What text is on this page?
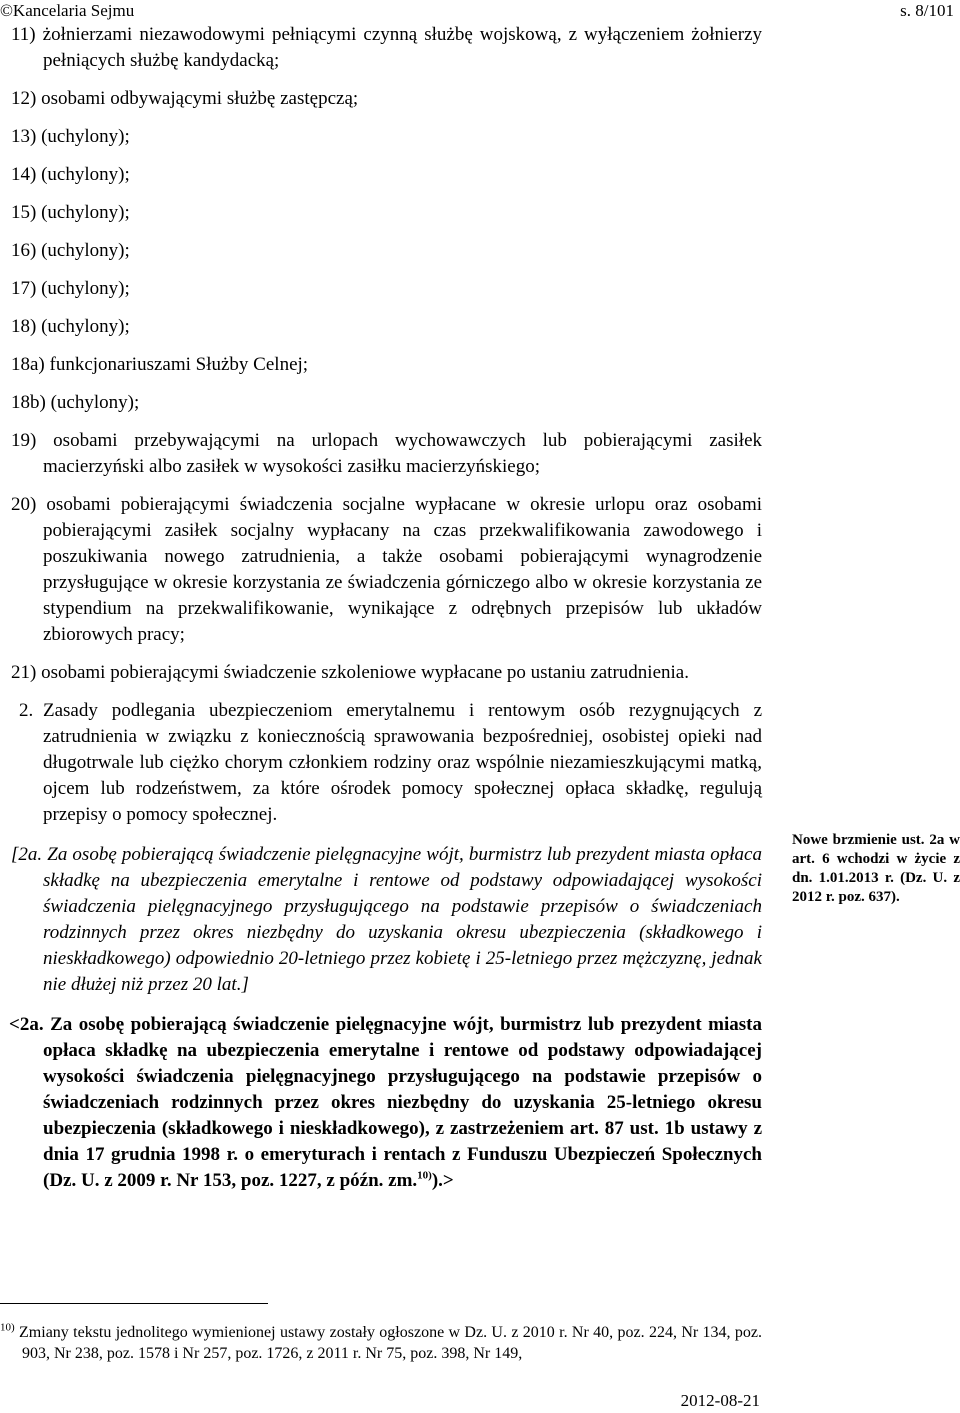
©Kancelaria Sejmu	s. 8/101

11) żołnierzami niezawodowymi pełniącymi czynną służbę wojskową, z wyłączeniem żołnierzy pełniących służbę kandydacką;

12) osobami odbywającymi służbę zastępczą;

13) (uchylony);

14) (uchylony);

15) (uchylony);

16) (uchylony);

17) (uchylony);

18) (uchylony);

18a) funkcjonariuszami Służby Celnej;

18b) (uchylony);

19) osobami przebywającymi na urlopach wychowawczych lub pobierającymi zasiłek macierzyński albo zasiłek w wysokości zasiłku macierzyńskiego;

20) osobami pobierającymi świadczenia socjalne wypłacane w okresie urlopu oraz osobami pobierającymi zasiłek socjalny wypłacany na czas przekwalifikowania zawodowego i poszukiwania nowego zatrudnienia, a także osobami pobierającymi wynagrodzenie przysługujące w okresie korzystania ze świadczenia górniczego albo w okresie korzystania ze stypendium na przekwalifikowanie, wynikające z odrębnych przepisów lub układów zbiorowych pracy;

21) osobami pobierającymi świadczenie szkoleniowe wypłacane po ustaniu zatrudnienia.

2. Zasady podlegania ubezpieczeniom emerytalnemu i rentowym osób rezygnujących z zatrudnienia w związku z koniecznością sprawowania bezpośredniej, osobistej opieki nad długotrwale lub ciężko chorym członkiem rodziny oraz wspólnie niezamieszkującymi matką, ojcem lub rodzeństwem, za które ośrodek pomocy społecznej opłaca składkę, regulują przepisy o pomocy społecznej.

[2a. Za osobę pobierającą świadczenie pielęgnacyjne wójt, burmistrz lub prezydent miasta opłaca składkę na ubezpieczenia emerytalne i rentowe od podstawy odpowiadającej wysokości świadczenia pielęgnacyjnego przysługującego na podstawie przepisów o świadczeniach rodzinnych przez okres niezbędny do uzyskania okresu ubezpieczenia (składkowego i nieskładkowego) odpowiednio 20-letniego przez kobietę i 25-letniego przez mężczyznę, jednak nie dłużej niż przez 20 lat.]

<2a. Za osobę pobierającą świadczenie pielęgnacyjne wójt, burmistrz lub prezydent miasta opłaca składkę na ubezpieczenia emerytalne i rentowe od podstawy odpowiadającej wysokości świadczenia pielęgnacyjnego przysługującego na podstawie przepisów o świadczeniach rodzinnych przez okres niezbędny do uzyskania 25-letniego okresu ubezpieczenia (składkowego i nieskładkowego), z zastrzeżeniem art. 87 ust. 1b ustawy z dnia 17 grudnia 1998 r. o emeryturach i rentach z Funduszu Ubezpieczeń Społecznych (Dz. U. z 2009 r. Nr 153, poz. 1227, z późn. zm.$^{10)}$).>

Nowe brzmienie ust. 2a w art. 6 wchodzi w życie z dn. 1.01.2013 r. (Dz. U. z 2012 r. poz. 637).
$^{10)}$ Zmiany tekstu jednolitego wymienionej ustawy zostały ogłoszone w Dz. U. z 2010 r. Nr 40, poz. 224, Nr 134, poz. 903, Nr 238, poz. 1578 i Nr 257, poz. 1726, z 2011 r. Nr 75, poz. 398, Nr 149,
2012-08-21
